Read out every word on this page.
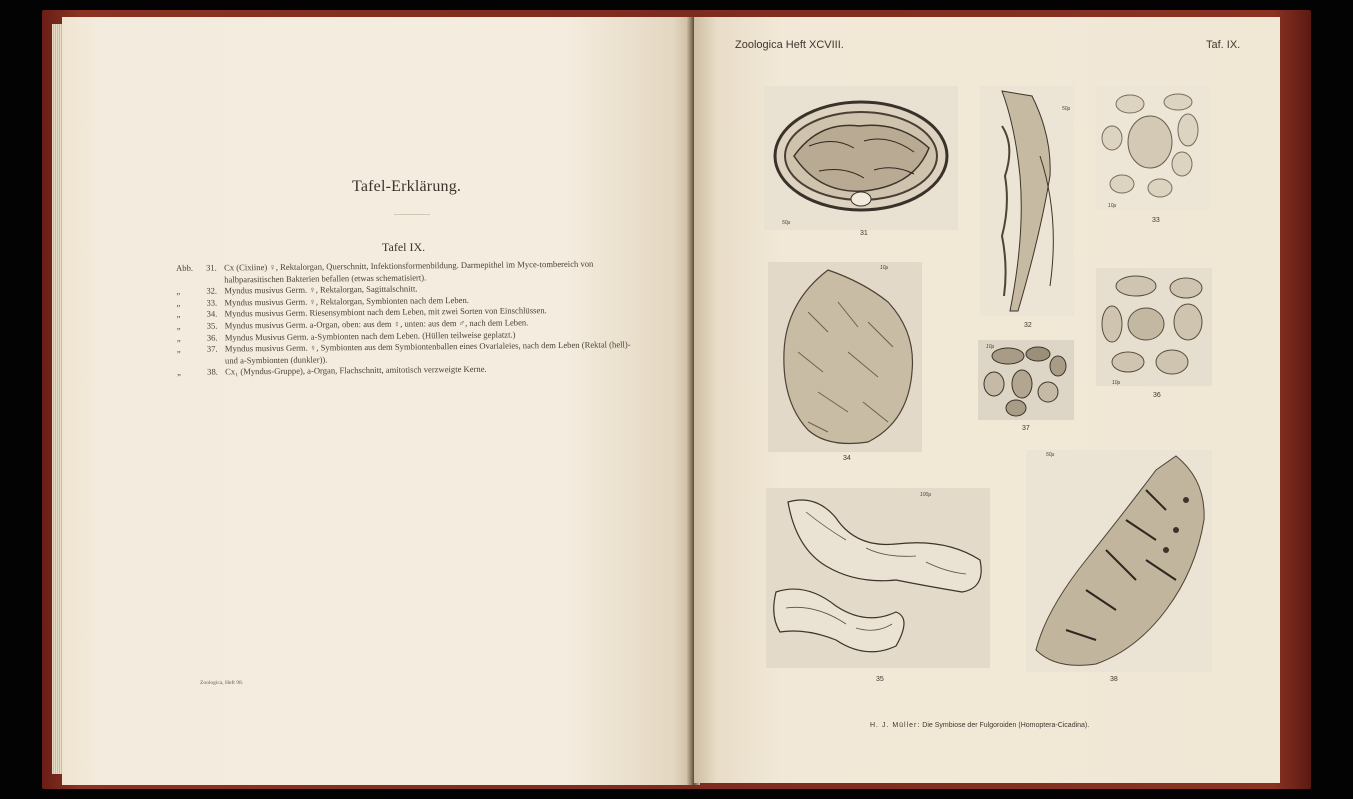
Tafel-Erklärung.
Tafel IX.
Abb.	31. Cx (Cixiine) ♀, Rektalorgan, Querschnitt, Infektionsformenbildung. Darmepithel im Myce-tombereich von halbparasitischen Bakterien befallen (etwas schematisiert).
„	32. Myndus musivus Germ. ♀, Rektalorgan, Sagittalschnitt.
„	33. Myndus musivus Germ. ♀, Rektalorgan, Symbionten nach dem Leben.
„	34. Myndus musivus Germ. Riesensymbiont nach dem Leben, mit zwei Sorten von Einschlüssen.
„	35. Myndus musivus Germ. a-Organ, oben: aus dem ♀, unten: aus dem ♂, nach dem Leben.
„	36. Myndus Musivus Germ. a-Symbionten nach dem Leben. (Hüllen teilweise geplatzt.)
„	37. Myndus musivus Germ. ♀, Symbionten aus dem Symbiontenballen eines Ovarialeies, nach dem Leben (Rektal (hell)- und a-Symbionten (dunkler)).
„	38. Cx₁ (Myndus-Gruppe), a-Organ, Flachschnitt, amitotisch verzweigte Kerne.
Zoologica, Heft 98.
Zoologica Heft XCVIII.	Taf. IX.
50μ
31
50μ
32
10μ
33
10μ
34
10μ
37
10μ
36
100μ
35
50μ
38
H. J. Müller: Die Symbiose der Fulgoroiden (Homoptera-Cicadina).
